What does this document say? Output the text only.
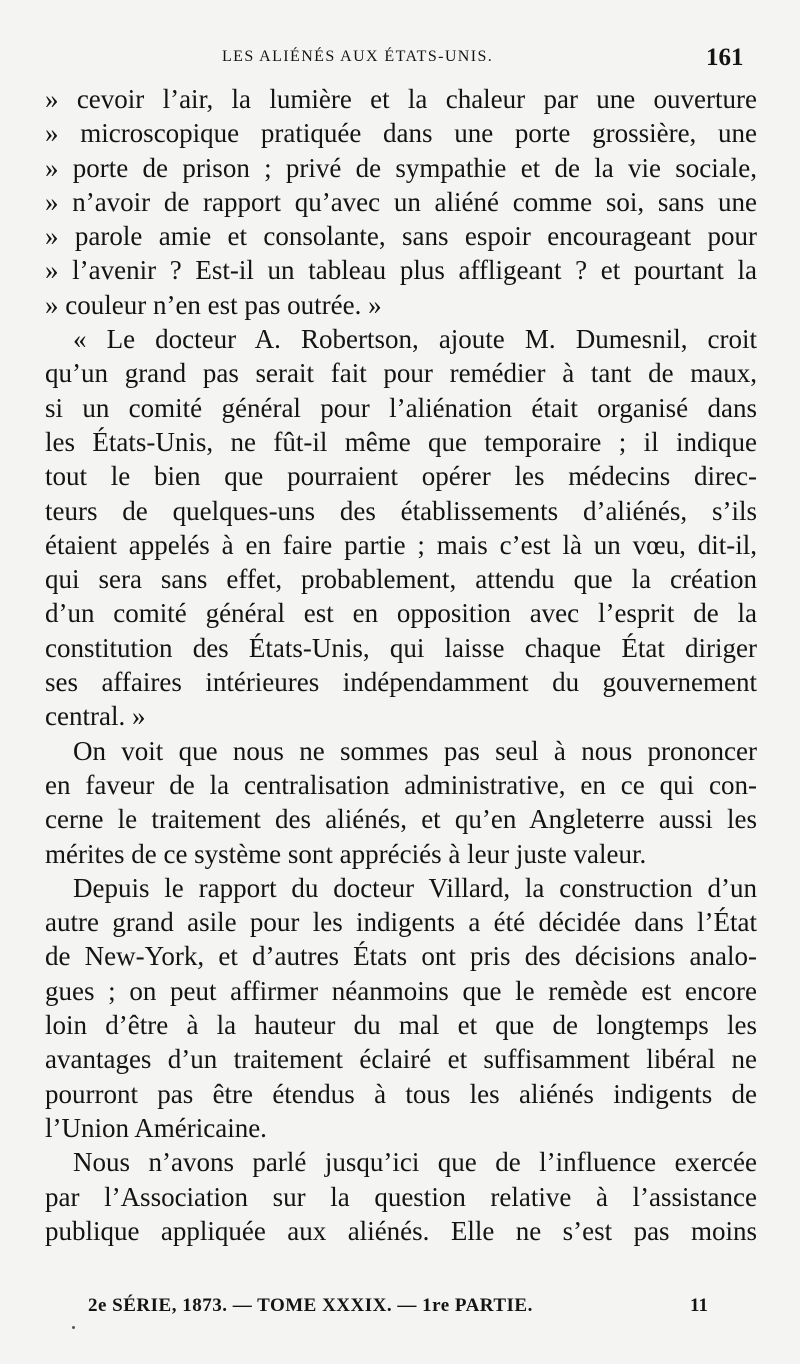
LES ALIÉNÉS AUX ÉTATS-UNIS.	161
» cevoir l’air, la lumière et la chaleur par une ouverture
» microscopique pratiquée dans une porte grossière, une
» porte de prison ; privé de sympathie et de la vie sociale,
» n’avoir de rapport qu’avec un aliéné comme soi, sans une
» parole amie et consolante, sans espoir encourageant pour
» l’avenir ? Est-il un tableau plus affligeant ? et pourtant la
» couleur n’en est pas outrée. »
« Le docteur A. Robertson, ajoute M. Dumesnil, croit
qu’un grand pas serait fait pour remédier à tant de maux,
si un comité général pour l’aliénation était organisé dans
les États-Unis, ne fût-il même que temporaire ; il indique
tout le bien que pourraient opérer les médecins direc-
teurs de quelques-uns des établissements d’aliénés, s’ils
étaient appelés à en faire partie ; mais c’est là un vœu, dit-il,
qui sera sans effet, probablement, attendu que la création
d’un comité général est en opposition avec l’esprit de la
constitution des États-Unis, qui laisse chaque État diriger
ses affaires intérieures indépendamment du gouvernement
central. »
On voit que nous ne sommes pas seul à nous prononcer
en faveur de la centralisation administrative, en ce qui con-
cerne le traitement des aliénés, et qu’en Angleterre aussi les
mérites de ce système sont appréciés à leur juste valeur.
Depuis le rapport du docteur Villard, la construction d’un
autre grand asile pour les indigents a été décidée dans l’État
de New-York, et d’autres États ont pris des décisions analo-
gues ; on peut affirmer néanmoins que le remède est encore
loin d’être à la hauteur du mal et que de longtemps les
avantages d’un traitement éclairé et suffisamment libéral ne
pourront pas être étendus à tous les aliénés indigents de
l’Union Américaine.
Nous n’avons parlé jusqu’ici que de l’influence exercée
par l’Association sur la question relative à l’assistance
publique appliquée aux aliénés. Elle ne s’est pas moins
2e SÉRIE, 1873. — TOME XXXIX. — 1re PARTIE.	11
